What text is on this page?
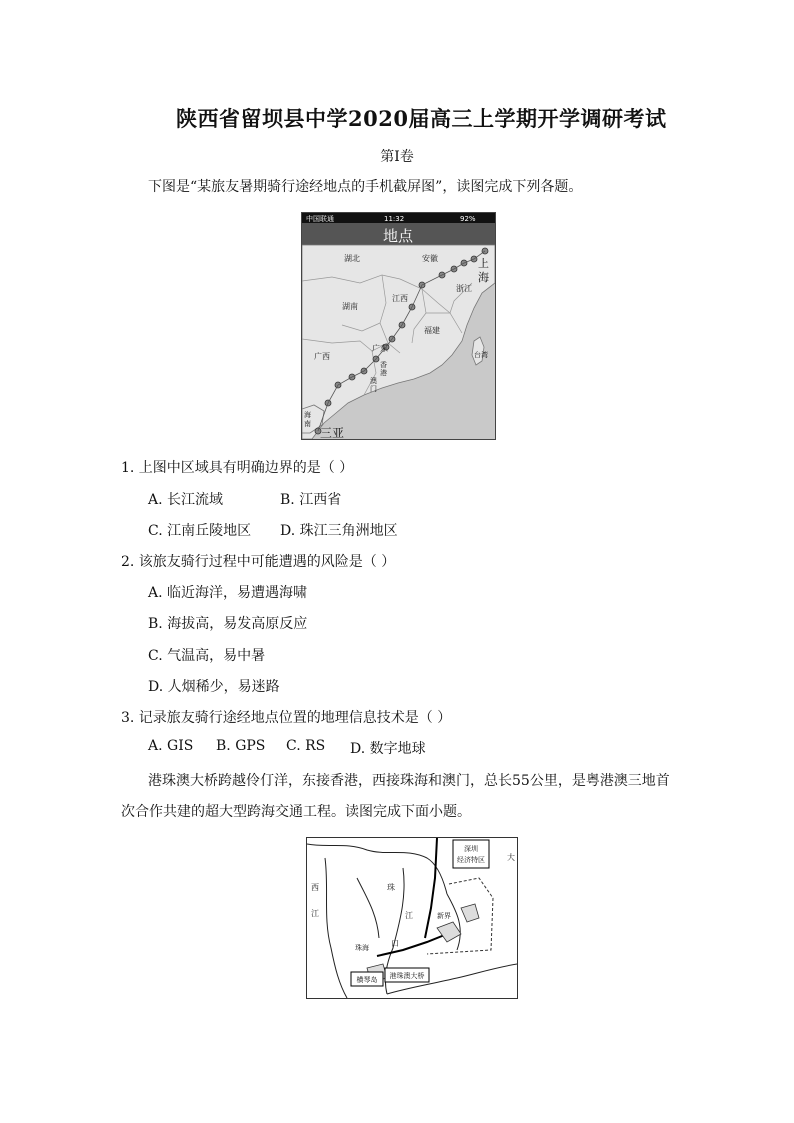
陕西省留坝县中学2020届高三上学期开学调研考试
第Ⅰ卷
下图是“某旅友暑期骑行途经地点的手机截屏图”，读图完成下列各题。
中国联通	11:32	92%
地点
湖北	安徽	上
海
浙江
湖南
江西
福建
广东
广西	台湾
香
港
澳
门
海
南
三亚
1. 上图中区域具有明确边界的是（ ）
A. 长江流域	B. 江西省
C. 江南丘陵地区 D. 珠江三角洲地区
2. 该旅友骑行过程中可能遭遇的风险是（ ）
A. 临近海洋，易遭遇海啸
B. 海拔高，易发高原反应
C. 气温高，易中暑
D. 人烟稀少，易迷路
3. 记录旅友骑行途经地点位置的地理信息技术是（ ）
A. GIS B. GPS C. RS D. 数字地球
港珠澳大桥跨越伶仃洋，东接香港，西接珠海和澳门，总长55公里，是粤港澳三地首
次合作共建的超大型跨海交通工程。读图完成下面小题。
深圳
经济特区	大
西
江
珠
江
口
新界
珠海
横琴岛 港珠澳大桥
